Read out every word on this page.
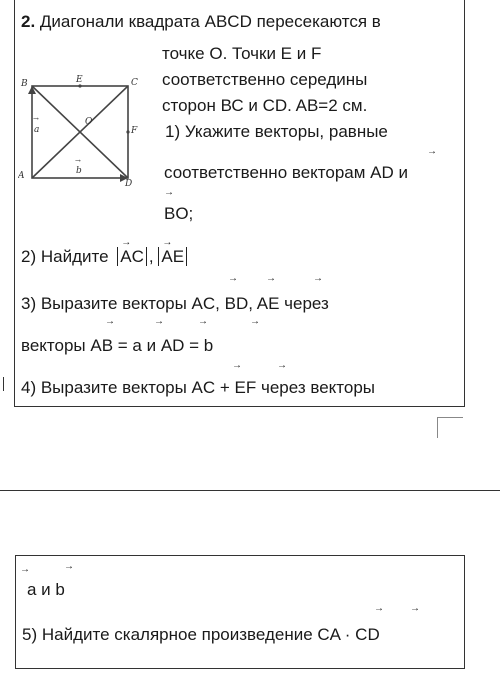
2. Диагонали квадрата ABCD пересекаются в
точке О. Точки Е и F
соответственно середины
сторон ВС и CD. AB=2 см.
1) Укажите векторы, равные
→
соответственно векторам AD и
→
BO;
B	C
A
D
E
O
F
a
b
→
→
2) Найдите
→
AC ,
→
AE
→	→	→
3) Выразите векторы AC, BD, AE через
→	→	→	→
векторы AB = a и AD = b
→	→
4) Выразите векторы AC + EF через векторы
→	→
a и b
→	→
5) Найдите скалярное произведение CA · CD
